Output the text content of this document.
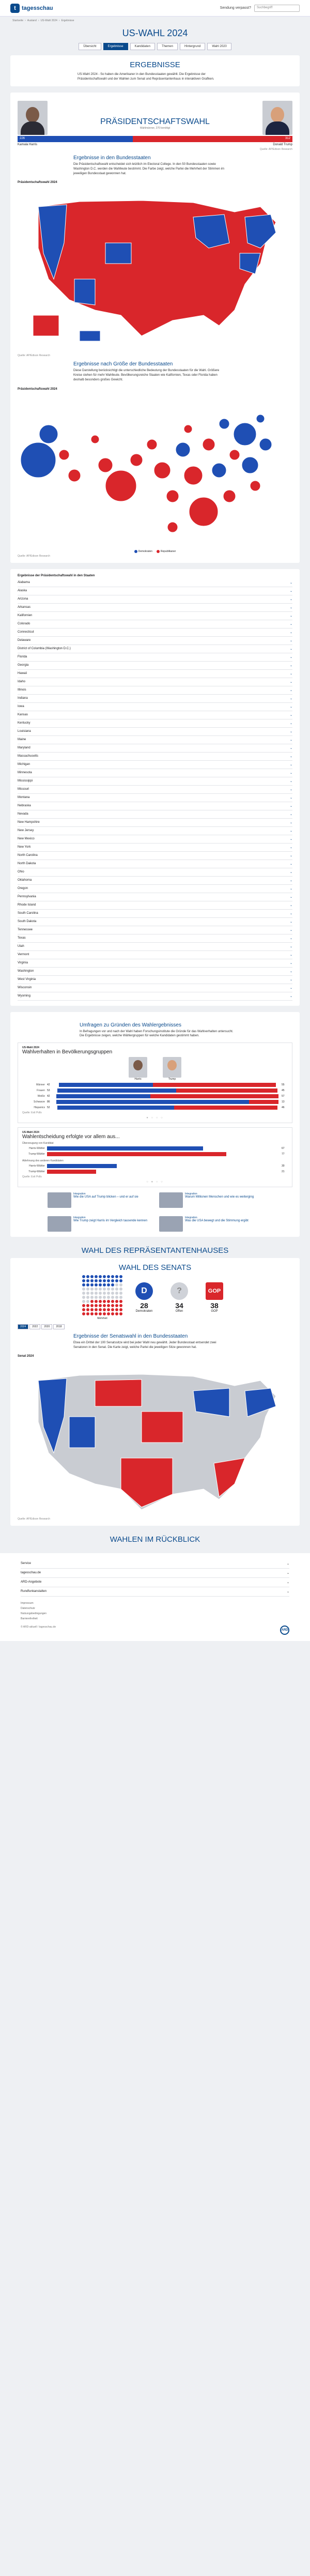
t	tagesschau	Sendung verpasst?	Suchbegriff
Startseite › Ausland › US-Wahl 2024 › Ergebnisse
US-WAHL 2024
Übersicht	Ergebnisse	Kandidaten	Themen	Hintergrund	Wahl 2020
ERGEBNISSE

US-Wahl 2024 - So haben die Amerikaner in den Bundesstaaten gewählt. Die Ergebnisse der Präsidentschaftswahl und der Wahlen zum Senat und Repräsentantenhaus in interaktiven Grafiken.

PRÄSIDENTSCHAFTSWAHL
Wahlmänner, 270 benötigt
226	312
Kamala Harris	Donald Trump
Quelle: AP/Edison Research
Ergebnisse in den Bundesstaaten

Die Präsidentschaftswahl entscheidet sich letztlich im Electoral College. In den 50 Bundesstaaten sowie Washington D.C. werden die Wahlleute bestimmt. Die Farbe zeigt, welche Partei die Mehrheit der Stimmen im jeweiligen Bundesstaat gewonnen hat.

Präsidentschaftswahl 2024
Quelle: AP/Edison Research
Ergebnisse nach Größe der Bundesstaaten

Diese Darstellung berücksichtigt die unterschiedliche Bedeutung der Bundesstaaten für die Wahl. Größere Kreise stehen für mehr Wahlleute. Bevölkerungsreiche Staaten wie Kalifornien, Texas oder Florida haben deshalb besonders großes Gewicht.

Präsidentschaftswahl 2024
Demokraten	Republikaner
Quelle: AP/Edison Research
Ergebnisse der Präsidentschaftswahl in den Staaten
Alabama	⌄
Alaska	⌄
Arizona	⌄
Arkansas	⌄
Kalifornien	⌄
Colorado	⌄
Connecticut	⌄
Delaware	⌄
District of Columbia (Washington D.C.)	⌄
Florida	⌄
Georgia	⌄
Hawaii	⌄
Idaho	⌄
Illinois	⌄
Indiana	⌄
Iowa	⌄
Kansas	⌄
Kentucky	⌄
Louisiana	⌄
Maine	⌄
Maryland	⌄
Massachusetts	⌄
Michigan	⌄
Minnesota	⌄
Mississippi	⌄
Missouri	⌄
Montana	⌄
Nebraska	⌄
Nevada	⌄
New Hampshire	⌄
New Jersey	⌄
New Mexico	⌄
New York	⌄
North Carolina	⌄
North Dakota	⌄
Ohio	⌄
Oklahoma	⌄
Oregon	⌄
Pennsylvania	⌄
Rhode Island	⌄
South Carolina	⌄
South Dakota	⌄
Tennessee	⌄
Texas	⌄
Utah	⌄
Vermont	⌄
Virginia	⌄
Washington	⌄
West Virginia	⌄
Wisconsin	⌄
Wyoming	⌄
Umfragen zu Gründen des Wahlergebnisses

In Befragungen vor und nach der Wahl haben Forschungsinstitute die Gründe für das Wahlverhalten untersucht. Die Ergebnisse zeigen, welche Wählergruppen für welche Kandidaten gestimmt haben.

US-Wahl 2024
Wahlverhalten in Bevölkerungsgruppen
Harris	Trump
Männer 42	55
Frauen 53	45
Weiße 42	57
Schwarze 86	13
Hispanics 52	46
Quelle: Exit Polls
● ○ ○ ○
US-Wahl 2024
Wahlentscheidung erfolgte vor allem aus...
Überzeugung von Kandidat
Harris-Wähler	67
Trump-Wähler	77
Ablehnung des anderen Kandidaten
Harris-Wähler	30
Trump-Wähler	21
Quelle: Exit Polls
○ ● ○ ○
Integration
Wie die USA auf Trump blicken – und er auf sie
Integration
Warum Millionen Menschen und wie es weiterging
Integration
Wie Trump zeigt Harris im Vergleich tausende kennen
Integration
Was die USA bewegt und die Stimmung ergibt
WAHL DES REPRÄSENTANTENHAUSES
WAHL DES SENATS
Mehrheit
D
28
Demokraten
?
34
Offen
GOP
38
GOP
2024	2022	2020	2018
Ergebnisse der Senatswahl in den Bundesstaaten

Etwa ein Drittel der 100 Senatssitze wird bei jeder Wahl neu gewählt. Jeder Bundesstaat entsendet zwei Senatoren in den Senat. Die Karte zeigt, welche Partei die jeweiligen Sitze gewonnen hat.

Senat 2024
Quelle: AP/Edison Research
WAHLEN IM RÜCKBLICK
Service	⌄
tagesschau.de	⌄
ARD-Angebote	⌄
Rundfunkanstalten	⌄
Impressum
Datenschutz
Nutzungsbedingungen
Barrierefreiheit
© ARD-aktuell / tagesschau.de
ARD
